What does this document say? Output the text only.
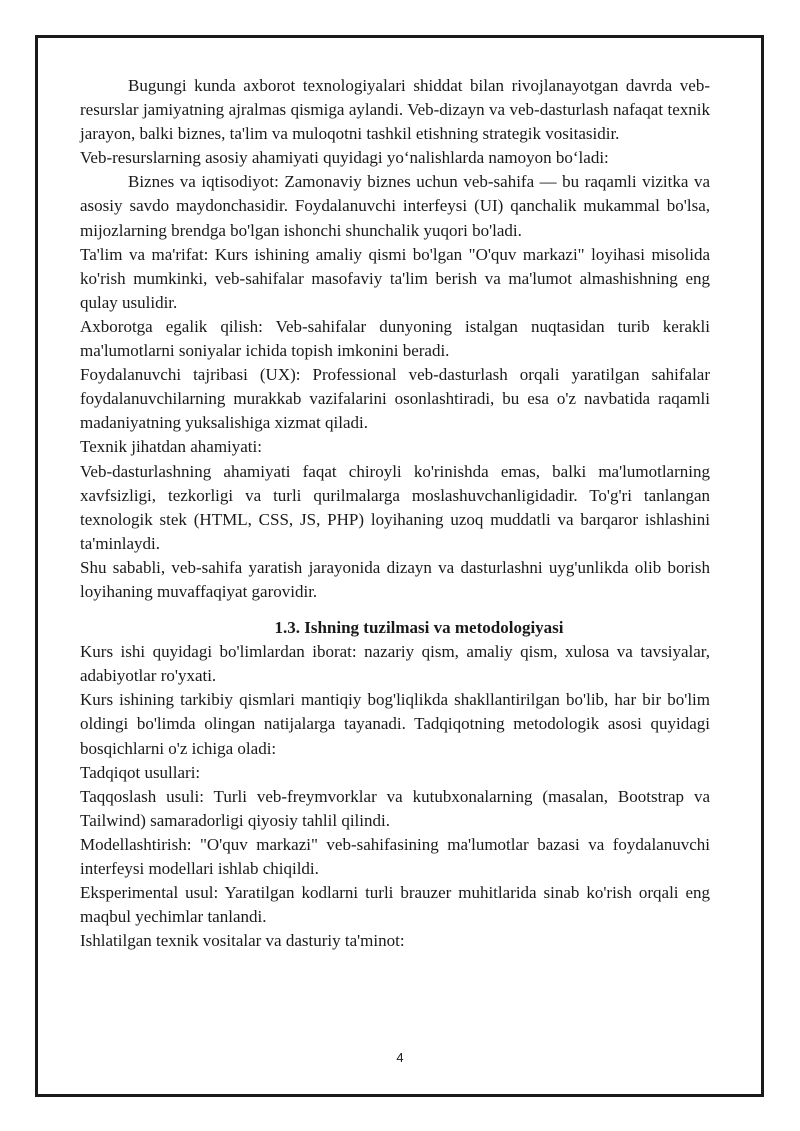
Bugungi kunda axborot texnologiyalari shiddat bilan rivojlanayotgan davrda veb-resurslar jamiyatning ajralmas qismiga aylandi. Veb-dizayn va veb-dasturlash nafaqat texnik jarayon, balki biznes, ta'lim va muloqotni tashkil etishning strategik vositasidir.

Veb-resurslarning asosiy ahamiyati quyidagi yo‘nalishlarda namoyon bo‘ladi:

Biznes va iqtisodiyot: Zamonaviy biznes uchun veb-sahifa — bu raqamli vizitka va asosiy savdo maydonchasidir. Foydalanuvchi interfeysi (UI) qanchalik mukammal bo'lsa, mijozlarning brendga bo'lgan ishonchi shunchalik yuqori bo'ladi.

Ta'lim va ma'rifat: Kurs ishining amaliy qismi bo'lgan "O'quv markazi" loyihasi misolida ko'rish mumkinki, veb-sahifalar masofaviy ta'lim berish va ma'lumot almashishning eng qulay usulidir.

Axborotga egalik qilish: Veb-sahifalar dunyoning istalgan nuqtasidan turib kerakli ma'lumotlarni soniyalar ichida topish imkonini beradi.

Foydalanuvchi tajribasi (UX): Professional veb-dasturlash orqali yaratilgan sahifalar foydalanuvchilarning murakkab vazifalarini osonlashtiradi, bu esa o'z navbatida raqamli madaniyatning yuksalishiga xizmat qiladi.

Texnik jihatdan ahamiyati:

Veb-dasturlashning ahamiyati faqat chiroyli ko'rinishda emas, balki ma'lumotlarning xavfsizligi, tezkorligi va turli qurilmalarga moslashuvchanligidadir. To'g'ri tanlangan texnologik stek (HTML, CSS, JS, PHP) loyihaning uzoq muddatli va barqaror ishlashini ta'minlaydi.

Shu sababli, veb-sahifa yaratish jarayonida dizayn va dasturlashni uyg'unlikda olib borish loyihaning muvaffaqiyat garovidir.

1.3. Ishning tuzilmasi va metodologiyasi

Kurs ishi quyidagi bo'limlardan iborat: nazariy qism, amaliy qism, xulosa va tavsiyalar, adabiyotlar ro'yxati.

Kurs ishining tarkibiy qismlari mantiqiy bog'liqlikda shakllantirilgan bo'lib, har bir bo'lim oldingi bo'limda olingan natijalarga tayanadi. Tadqiqotning metodologik asosi quyidagi bosqichlarni o'z ichiga oladi:

Tadqiqot usullari:

Taqqoslash usuli: Turli veb-freymvorklar va kutubxonalarning (masalan, Bootstrap va Tailwind) samaradorligi qiyosiy tahlil qilindi.

Modellashtirish: "O'quv markazi" veb-sahifasining ma'lumotlar bazasi va foydalanuvchi interfeysi modellari ishlab chiqildi.

Eksperimental usul: Yaratilgan kodlarni turli brauzer muhitlarida sinab ko'rish orqali eng maqbul yechimlar tanlandi.

Ishlatilgan texnik vositalar va dasturiy ta'minot:

4
